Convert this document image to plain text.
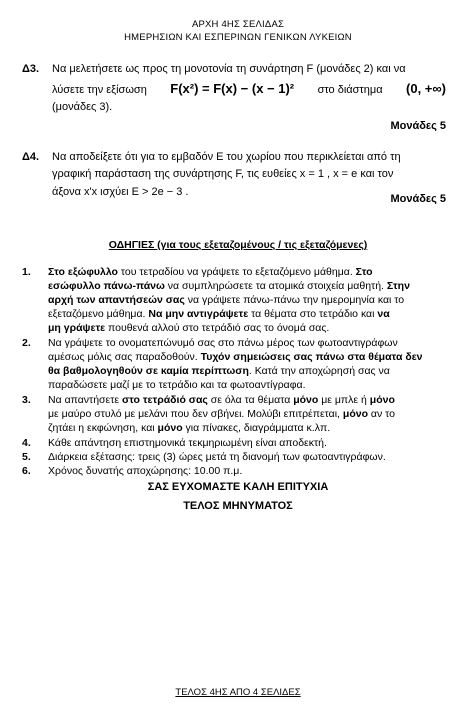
ΑΡΧΗ 4ΗΣ ΣΕΛΙΔΑΣ
ΗΜΕΡΗΣΙΩΝ ΚΑΙ ΕΣΠΕΡΙΝΩΝ ΓΕΝΙΚΩΝ ΛΥΚΕΙΩΝ
Δ3. Να μελετήσετε ως προς τη μονοτονία τη συνάρτηση F (μονάδες 2) και να
λύσετε την εξίσωση F(x²) = F(x) − (x − 1)² στο διάστημα (0, +∞)
(μονάδες 3).
Μονάδες 5
Δ4. Να αποδείξετε ότι για το εμβαδόν Ε του χωρίου που περικλείεται από τη
γραφική παράσταση της συνάρτησης F, τις ευθείες x = 1 , x = e και τον
άξονα x'x ισχύει E > 2e − 3 .
Μονάδες 5
ΟΔΗΓΙΕΣ (για τους εξεταζομένους / τις εξεταζόμενες)
1. Στο εξώφυλλο του τετραδίου να γράψετε το εξεταζόμενο μάθημα. Στο
εσώφυλλο πάνω-πάνω να συμπληρώσετε τα ατομικά στοιχεία μαθητή. Στην
αρχή των απαντήσεών σας να γράψετε πάνω-πάνω την ημερομηνία και το
εξεταζόμενο μάθημα. Να μην αντιγράψετε τα θέματα στο τετράδιο και να
μη γράψετε πουθενά αλλού στο τετράδιό σας το όνομά σας.
2. Να γράψετε το ονοματεπώνυμό σας στο πάνω μέρος των φωτοαντιγράφων
αμέσως μόλις σας παραδοθούν. Τυχόν σημειώσεις σας πάνω στα θέματα δεν
θα βαθμολογηθούν σε καμία περίπτωση. Κατά την αποχώρησή σας να
παραδώσετε μαζί με το τετράδιο και τα φωτοαντίγραφα.
3. Να απαντήσετε στο τετράδιό σας σε όλα τα θέματα μόνο με μπλε ή μόνο
με μαύρο στυλό με μελάνι που δεν σβήνει. Μολύβι επιτρέπεται, μόνο αν το
ζητάει η εκφώνηση, και μόνο για πίνακες, διαγράμματα κ.λπ.
4. Κάθε απάντηση επιστημονικά τεκμηριωμένη είναι αποδεκτή.
5. Διάρκεια εξέτασης: τρεις (3) ώρες μετά τη διανομή των φωτοαντιγράφων.
6. Χρόνος δυνατής αποχώρησης: 10.00 π.μ.
ΣΑΣ ΕΥΧΟΜΑΣΤΕ ΚΑΛΗ ΕΠΙΤΥΧΙΑ
ΤΕΛΟΣ ΜΗΝΥΜΑΤΟΣ
ΤΕΛΟΣ 4ΗΣ ΑΠΟ 4 ΣΕΛΙΔΕΣ
